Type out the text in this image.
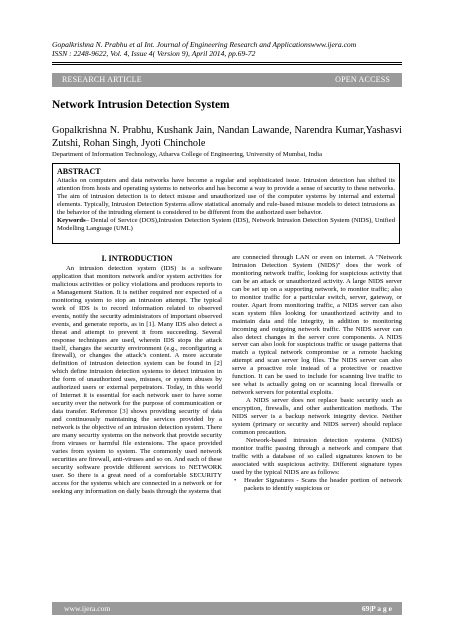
Gopalkrishna N. Prabhu et al Int. Journal of Engineering Research and Applicationswww.ijera.com
ISSN : 2248-9622, Vol. 4, Issue 4( Version 9), April 2014, pp.69-72
RESEARCH ARTICLE	OPEN ACCESS
Network Intrusion Detection System
Gopalkrishna N. Prabhu, Kushank Jain, Nandan Lawande, Narendra Kumar,Yashasvi Zutshi, Rohan Singh, Jyoti Chinchole
Department of Information Technology, Atharva College of Engineering, University of Mumbai, India
ABSTRACT
Attacks on computers and data networks have become a regular and sophisticated issue. Intrusion detection has shifted its attention from hosts and operating systems to networks and has become a way to provide a sense of security to these networks. The aim of intrusion detection is to detect misuse and unauthorized use of the computer systems by internal and external elements. Typically, Intrusion Detection Systems allow statistical anomaly and rule-based misuse models to detect intrusions as the behavior of the intruding element is considered to be different from the authorized user behavior.
Keywords– Denial of Service (DOS),Intrusion Detection System (IDS), Network Intrusion Detection System (NIDS), Unified Modelling Language (UML)
I. INTRODUCTION

An intrusion detection system (IDS) is a software application that monitors network and/or system activities for malicious activities or policy violations and produces reports to a Management Station. It is neither required nor expected of a monitoring system to stop an intrusion attempt. The typical work of IDS is to record information related to observed events, notify the security administrators of important observed events, and generate reports, as in [1]. Many IDS also detect a threat and attempt to prevent it from succeeding. Several response techniques are used, wherein IDS stops the attack itself, changes the security environment (e.g., reconfiguring a firewall), or changes the attack’s content. A more accurate definition of intrusion detection system can be found in [2] which define intrusion detection systems to detect intrusion in the form of unauthorized uses, misuses, or system abuses by authorized users or external perpetrators. Today, in this world of Internet it is essential for each network user to have some security over the network for the purpose of communication or data transfer. Reference [3] shows providing security of data and continuously maintaining the services provided by a network is the objective of an intrusion detection system. There are many security systems on the network that provide security from viruses or harmful file extensions. The space provided varies from system to system. The commonly used network securities are firewall, anti-viruses and so on. And each of these security software provide different services to NETWORK user. So there is a great need of a comfortable SECURITY access for the systems which are connected in a network or for seeking any information on daily basis through the systems that

are connected through LAN or even on internet. A "Network Intrusion Detection System (NIDS)" does the work of monitoring network traffic, looking for suspicious activity that can be an attack or unauthorized activity. A large NIDS server can be set up on a supporting network, to monitor traffic; also to monitor traffic for a particular switch, server, gateway, or router. Apart from monitoring traffic, a NIDS server can also scan system files looking for unauthorized activity and to maintain data and file integrity, in addition to monitoring incoming and outgoing network traffic. The NIDS server can also detect changes in the server core components. A NIDS server can also look for suspicious traffic or usage patterns that match a typical network compromise or a remote hacking attempt and scan server log files. The NIDS server can also serve a proactive role instead of a protective or reactive function. It can be used to include for scanning live traffic to see what is actually going on or scanning local firewalls or network servers for potential exploits.

A NIDS server does not replace basic security such as encryption, firewalls, and other authentication methods. The NIDS server is a backup network integrity device. Neither system (primary or security and NIDS server) should replace common precaution.

Network-based intrusion detection systems (NIDS) monitor traffic passing through a network and compare that traffic with a database of so called signatures known to be associated with suspicious activity. Different signature types used by the typical NIDS are as follows:

• Header Signatures - Scans the header portion of network packets to identify suspicious or

www.ijera.com	69|P a g e
